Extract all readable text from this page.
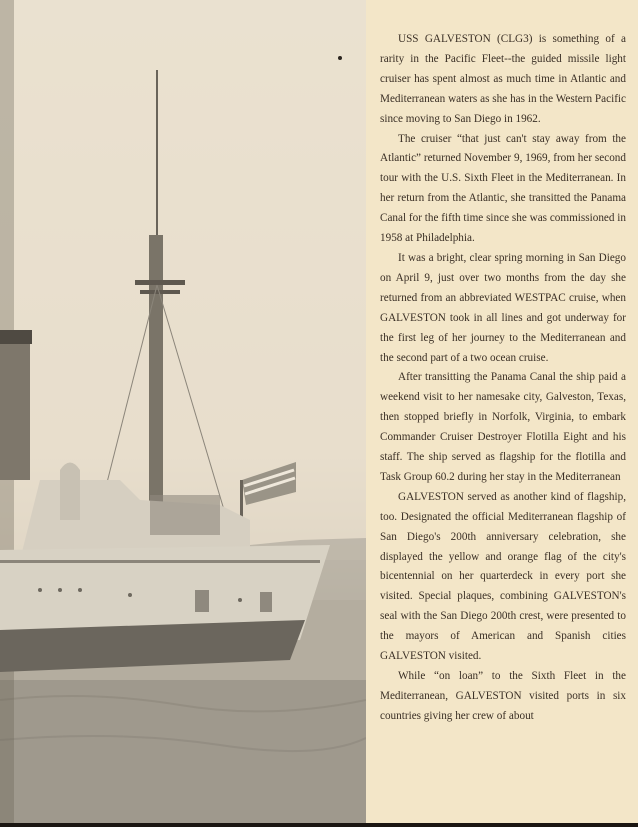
USS GALVESTON (CLG3) is something of a rarity in the Pacific Fleet--the guided missile light cruiser has spent almost as much time in Atlantic and Mediterranean waters as she has in the Western Pacific since moving to San Diego in 1962.

The cruiser “that just can't stay away from the Atlantic” returned November 9, 1969, from her second tour with the U.S. Sixth Fleet in the Mediterranean. In her return from the Atlantic, she transitted the Panama Canal for the fifth time since she was commissioned in 1958 at Philadelphia.

It was a bright, clear spring morning in San Diego on April 9, just over two months from the day she returned from an abbreviated WESTPAC cruise, when GALVESTON took in all lines and got underway for the first leg of her journey to the Mediterranean and the second part of a two ocean cruise.

After transitting the Panama Canal the ship paid a weekend visit to her namesake city, Galveston, Texas, then stopped briefly in Norfolk, Virginia, to embark Commander Cruiser Destroyer Flotilla Eight and his staff. The ship served as flagship for the flotilla and Task Group 60.2 during her stay in the Mediterranean

GALVESTON served as another kind of flagship, too. Designated the official Mediterranean flagship of San Diego's 200th anniversary celebration, she displayed the yellow and orange flag of the city's bicentennial on her quarterdeck in every port she visited. Special plaques, combining GALVESTON's seal with the San Diego 200th crest, were presented to the mayors of American and Spanish cities GALVESTON visited.

While “on loan” to the Sixth Fleet in the Mediterranean, GALVESTON visited ports in six countries giving her crew of about
